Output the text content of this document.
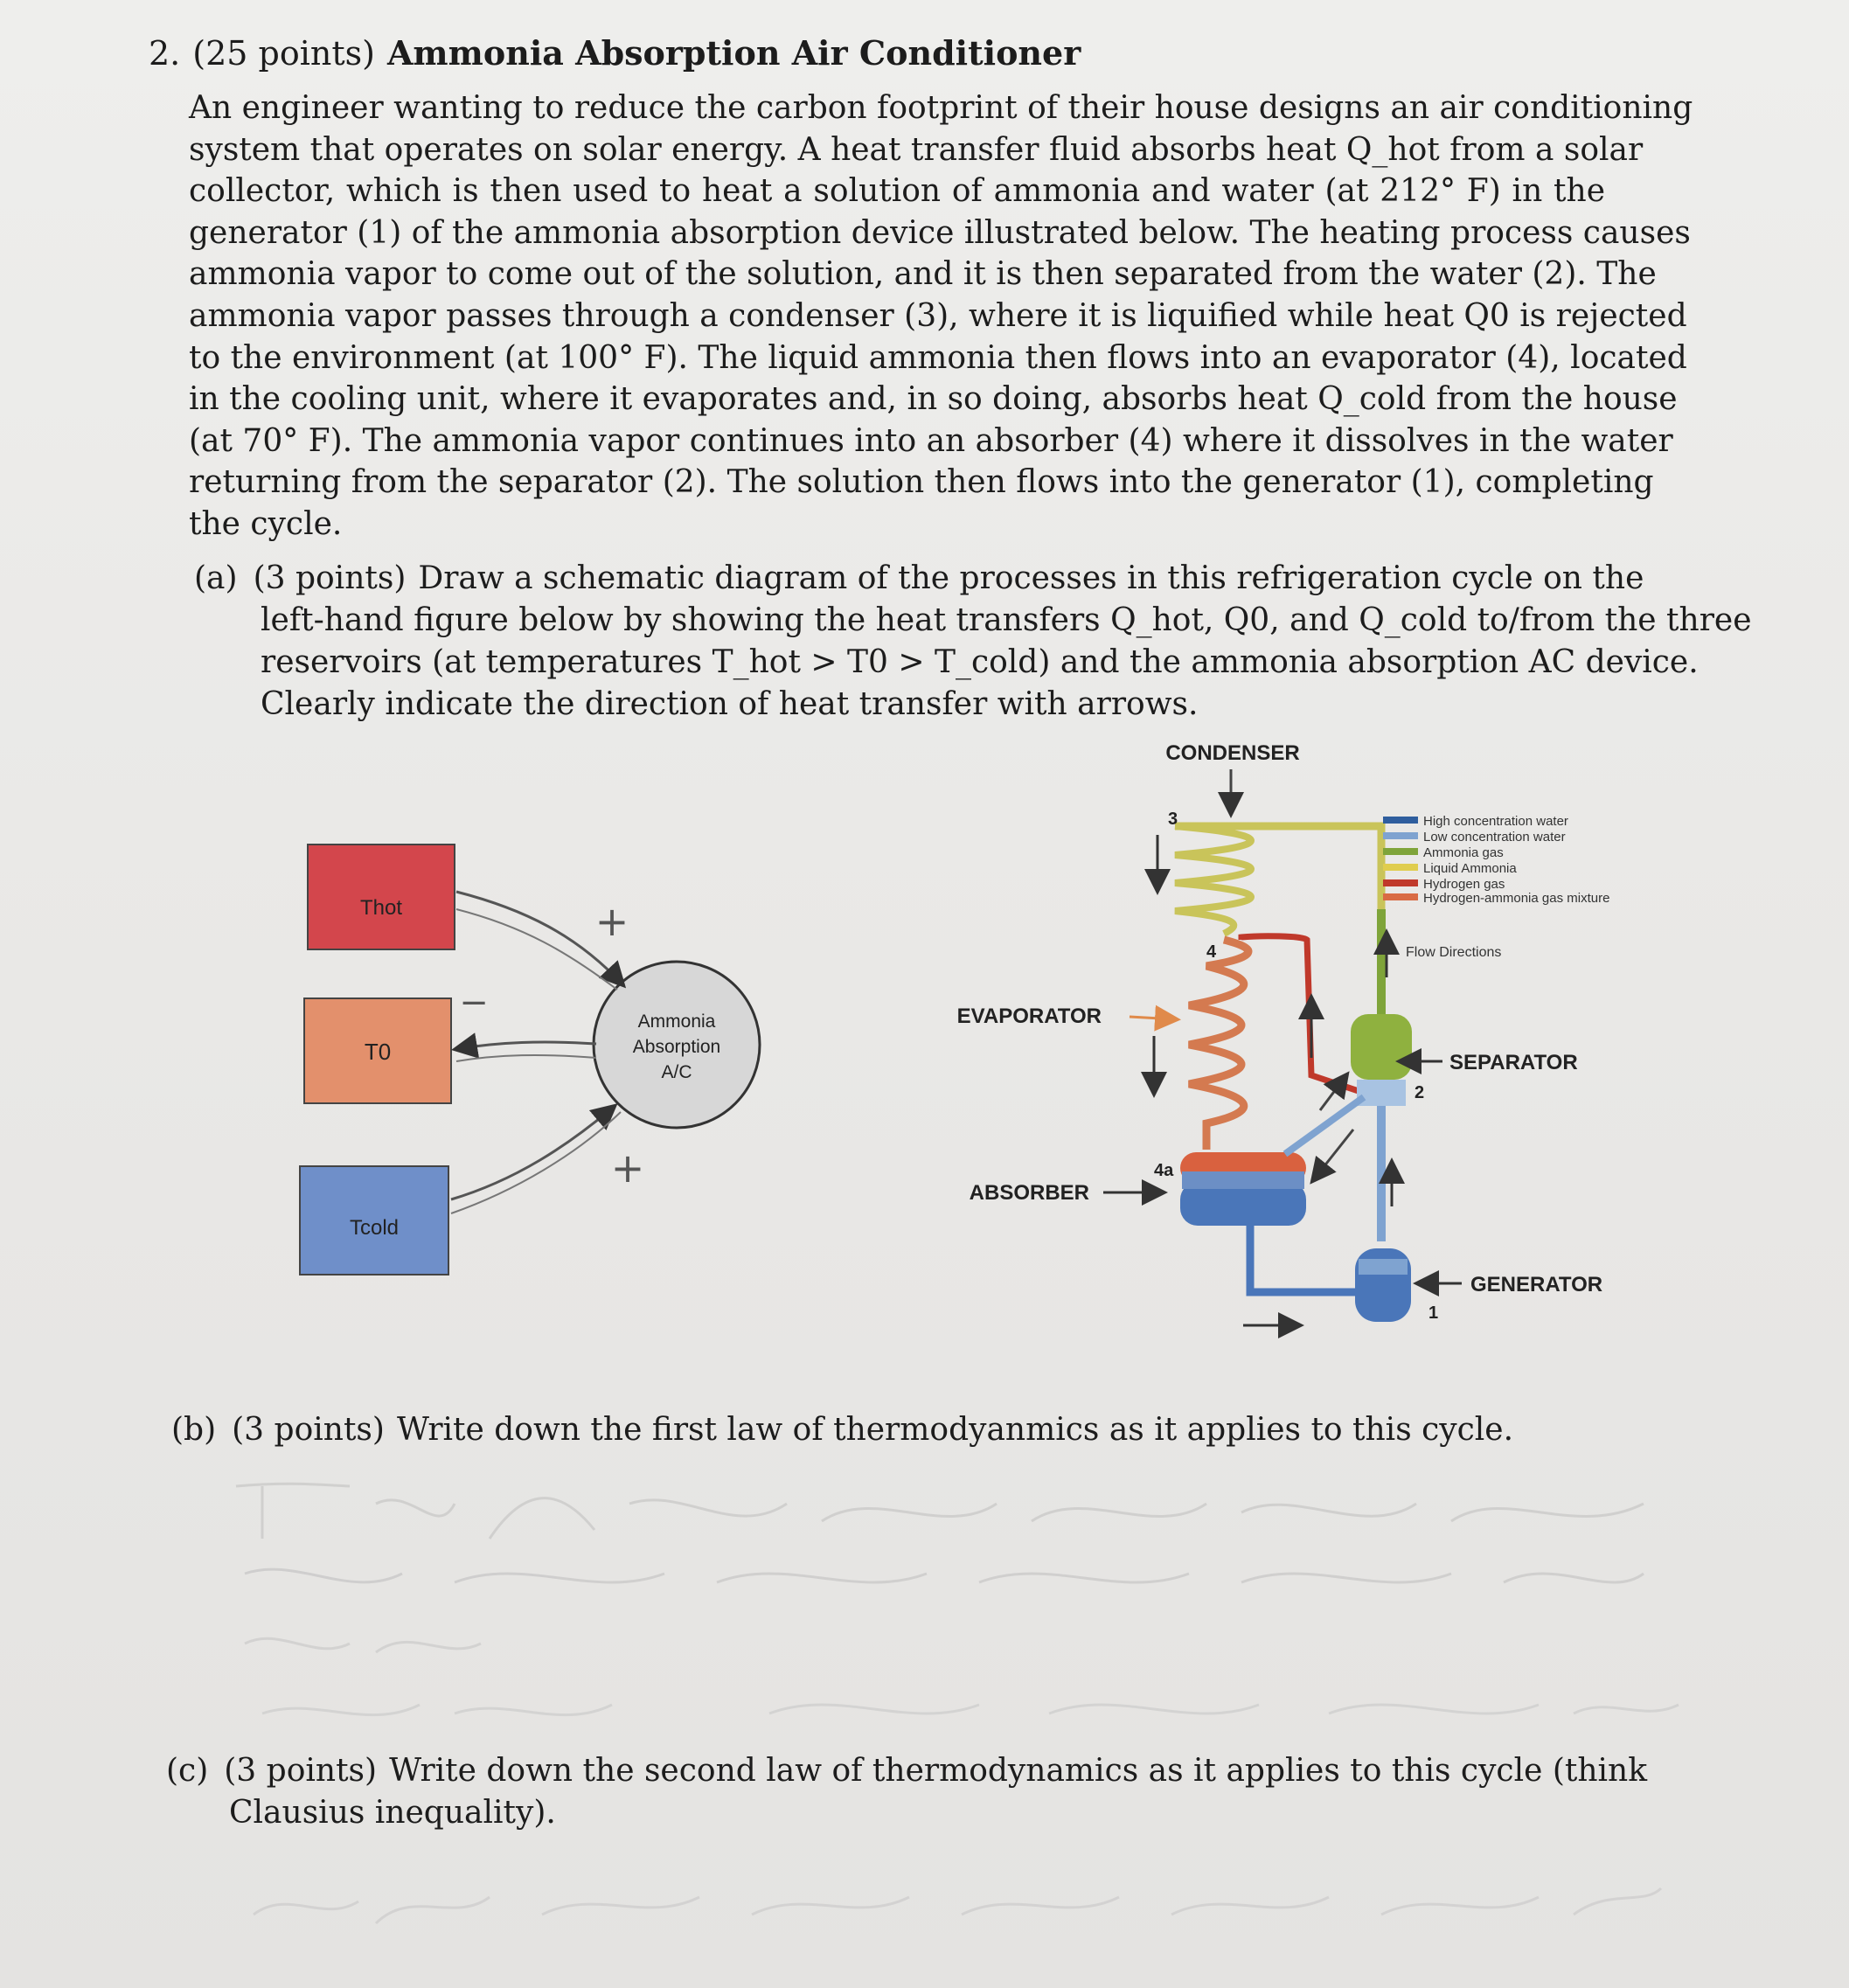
2. (25 points) Ammonia Absorption Air Conditioner
An engineer wanting to reduce the carbon footprint of their house designs an air conditioning
system that operates on solar energy. A heat transfer fluid absorbs heat Q_hot from a solar
collector, which is then used to heat a solution of ammonia and water (at 212° F) in the
generator (1) of the ammonia absorption device illustrated below. The heating process causes
ammonia vapor to come out of the solution, and it is then separated from the water (2). The
ammonia vapor passes through a condenser (3), where it is liquified while heat Q0 is rejected
to the environment (at 100° F). The liquid ammonia then flows into an evaporator (4), located
in the cooling unit, where it evaporates and, in so doing, absorbs heat Q_cold from the house
(at 70° F). The ammonia vapor continues into an absorber (4) where it dissolves in the water
returning from the separator (2). The solution then flows into the generator (1), completing
the cycle.
(a) (3 points) Draw a schematic diagram of the processes in this refrigeration cycle on the
left-hand figure below by showing the heat transfers Q_hot, Q0, and Q_cold to/from the three
reservoirs (at temperatures T_hot > T0 > T_cold) and the ammonia absorption AC device.
Clearly indicate the direction of heat transfer with arrows.
Thot
T0
Tcold
Ammonia
Absorption
A/C
+
−
+
CONDENSER
3
4
EVAPORATOR
4a
ABSORBER
2
SEPARATOR
1
GENERATOR
High concentration water
Low concentration water
Ammonia gas
Liquid Ammonia
Hydrogen gas
Hydrogen-ammonia gas mixture
Flow Directions
(b) (3 points) Write down the first law of thermodyanmics as it applies to this cycle.
(c) (3 points) Write down the second law of thermodynamics as it applies to this cycle (think
Clausius inequality).
